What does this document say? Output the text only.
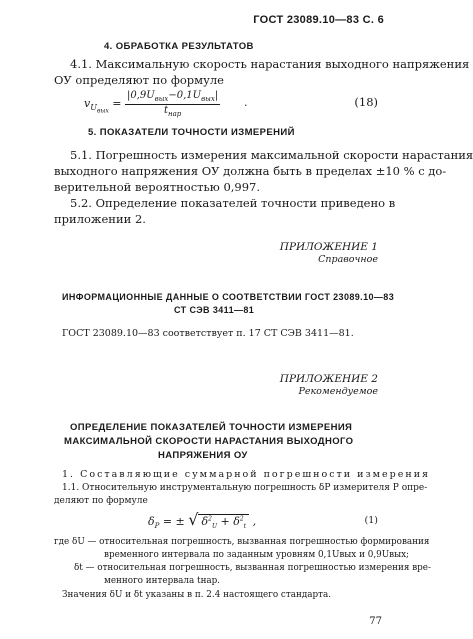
ГОСТ 23089.10—83 С. 6
4. ОБРАБОТКА РЕЗУЛЬТАТОВ
4.1. Максимальную скорость нарастания выходного напряжения
ОУ определяют по формуле
$v_{U_{вых}} = |0,9U_{вых}-0,1U_{вых}|$
$t_{нар}$
.	(18)
5. ПОКАЗАТЕЛИ ТОЧНОСТИ ИЗМЕРЕНИЙ
5.1. Погрешность измерения максимальной скорости нарастания
выходного напряжения ОУ должна быть в пределах ±10 % с до-
верительной вероятностью 0,997.
5.2. Определение показателей точности приведено в
приложении 2.
ПРИЛОЖЕНИЕ 1
Справочное
ИНФОРМАЦИОННЫЕ ДАННЫЕ О СООТВЕТСТВИИ ГОСТ 23089.10—83
СТ СЭВ 3411—81
ГОСТ 23089.10—83 соответствует п. 17 СТ СЭВ 3411—81.
ПРИЛОЖЕНИЕ 2
Рекомендуемое
ОПРЕДЕЛЕНИЕ ПОКАЗАТЕЛЕЙ ТОЧНОСТИ ИЗМЕРЕНИЯ
МАКСИМАЛЬНОЙ СКОРОСТИ НАРАСТАНИЯ ВЫХОДНОГО
НАПРЯЖЕНИЯ ОУ
1. Составляющие суммарной погрешности измерения
1.1. Относительную инструментальную погрешность δP измерителя P опре-
деляют по формуле
$\delta_P$ = ± √ $\delta^2_U + \delta^2_t$ ,	(1)
где δU — относительная погрешность, вызванная погрешностью формирования
временного интервала по заданным уровням 0,1Uвых и 0,9Uвых;
δt — относительная погрешность, вызванная погрешностью измерения вре-
менного интервала tнар.
Значения δU и δt указаны в п. 2.4 настоящего стандарта.
77
